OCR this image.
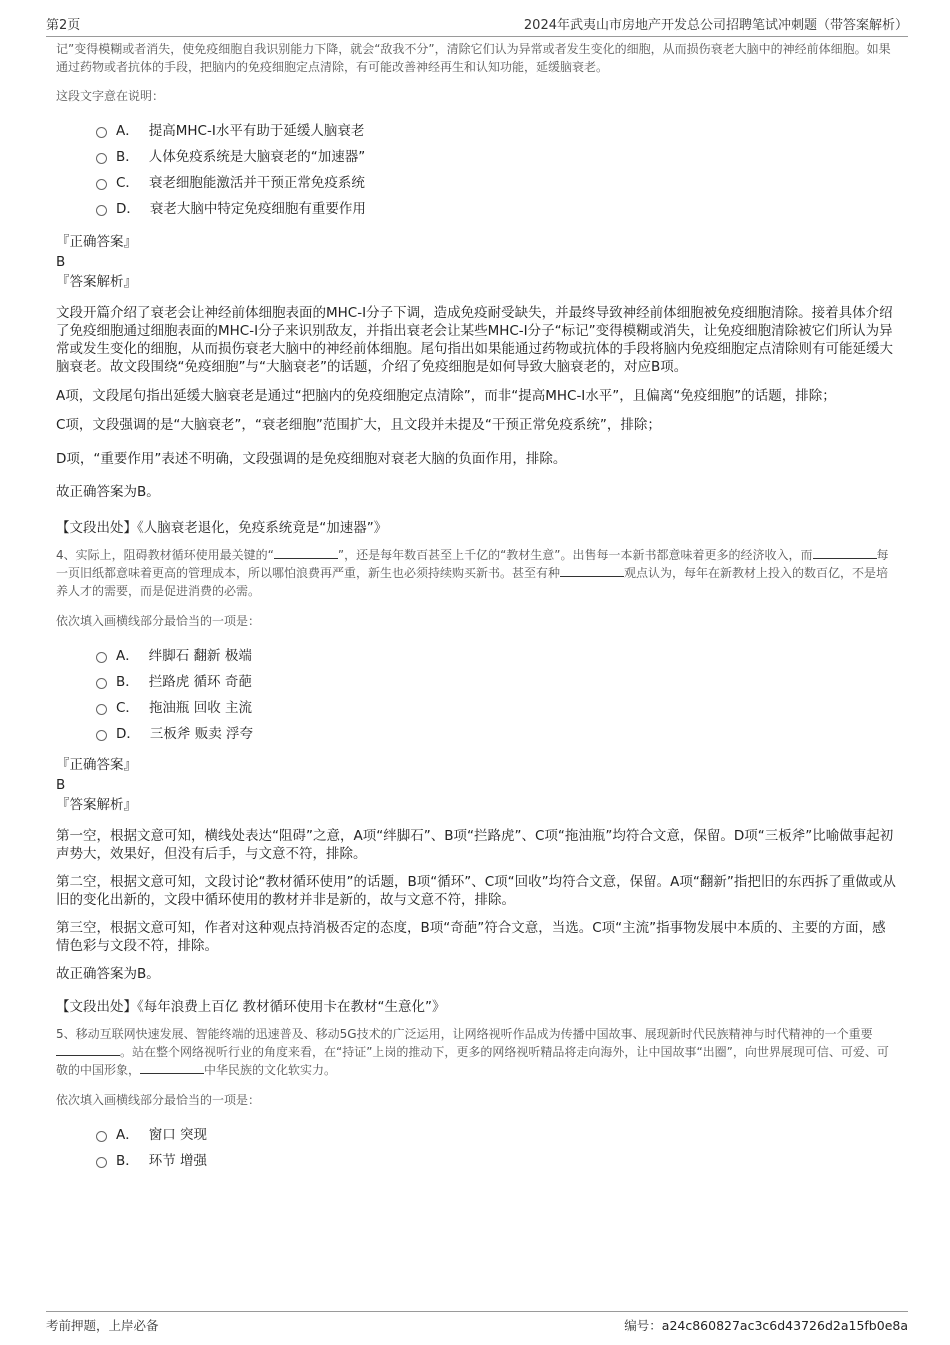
第2页	2024年武夷山市房地产开发总公司招聘笔试冲刺题（带答案解析）

记”变得模糊或者消失，使免疫细胞自我识别能力下降，就会“敌我不分”，清除它们认为异常或者发生变化的细胞，从而损伤衰老大脑中的神经前体细胞。如果通过药物或者抗体的手段，把脑内的免疫细胞定点清除，有可能改善神经再生和认知功能，延缓脑衰老。

这段文字意在说明：

A． 提高MHC-I水平有助于延缓人脑衰老
B． 人体免疫系统是大脑衰老的“加速器”
C． 衰老细胞能激活并干预正常免疫系统
D． 衰老大脑中特定免疫细胞有重要作用

『正确答案』

B

『答案解析』

文段开篇介绍了衰老会让神经前体细胞表面的MHC-I分子下调，造成免疫耐受缺失，并最终导致神经前体细胞被免疫细胞清除。接着具体介绍了免疫细胞通过细胞表面的MHC-I分子来识别敌友，并指出衰老会让某些MHC-I分子“标记”变得模糊或消失，让免疫细胞清除被它们所认为异常或发生变化的细胞，从而损伤衰老大脑中的神经前体细胞。尾句指出如果能通过药物或抗体的手段将脑内免疫细胞定点清除则有可能延缓大脑衰老。故文段围绕“免疫细胞”与“大脑衰老”的话题，介绍了免疫细胞是如何导致大脑衰老的，对应B项。

A项，文段尾句指出延缓大脑衰老是通过“把脑内的免疫细胞定点清除”，而非“提高MHC-I水平”，且偏离“免疫细胞”的话题，排除；

C项，文段强调的是“大脑衰老”，“衰老细胞”范围扩大，且文段并未提及“干预正常免疫系统”，排除；

D项，“重要作用”表述不明确，文段强调的是免疫细胞对衰老大脑的负面作用，排除。

故正确答案为B。

【文段出处】《人脑衰老退化，免疫系统竟是“加速器”》

4、实际上，阻碍教材循环使用最关键的“	”，还是每年数百甚至上千亿的“教材生意”。出售每一本新书都意味着更多的经济收入，而	每一页旧纸都意味着更高的管理成本，所以哪怕浪费再严重，新生也必须持续购买新书。甚至有种	观点认为，每年在新教材上投入的数百亿，不是培养人才的需要，而是促进消费的必需。

依次填入画横线部分最恰当的一项是：

A． 绊脚石 翻新 极端
B． 拦路虎 循环 奇葩
C． 拖油瓶 回收 主流
D． 三板斧 贩卖 浮夸

『正确答案』

B

『答案解析』

第一空，根据文意可知，横线处表达“阻碍”之意，A项“绊脚石”、B项“拦路虎”、C项“拖油瓶”均符合文意，保留。D项“三板斧”比喻做事起初声势大，效果好，但没有后手，与文意不符，排除。

第二空，根据文意可知，文段讨论“教材循环使用”的话题，B项“循环”、C项“回收”均符合文意，保留。A项“翻新”指把旧的东西拆了重做或从旧的变化出新的，文段中循环使用的教材并非是新的，故与文意不符，排除。

第三空，根据文意可知，作者对这种观点持消极否定的态度，B项“奇葩”符合文意，当选。C项“主流”指事物发展中本质的、主要的方面，感情色彩与文段不符，排除。

故正确答案为B。

【文段出处】《每年浪费上百亿 教材循环使用卡在教材“生意化”》

5、移动互联网快速发展、智能终端的迅速普及、移动5G技术的广泛运用，让网络视听作品成为传播中国故事、展现新时代民族精神与时代精神的一个重要。站在整个网络视听行业的角度来看，在“持证”上岗的推动下，更多的网络视听精品将走向海外，让中国故事“出圈”，向世界展现可信、可爱、可敬的中国形象，	中华民族的文化软实力。

依次填入画横线部分最恰当的一项是：

A． 窗口 突现
B． 环节 增强
考前押题，上岸必备	编号：a24c860827ac3c6d43726d2a15fb0e8a
